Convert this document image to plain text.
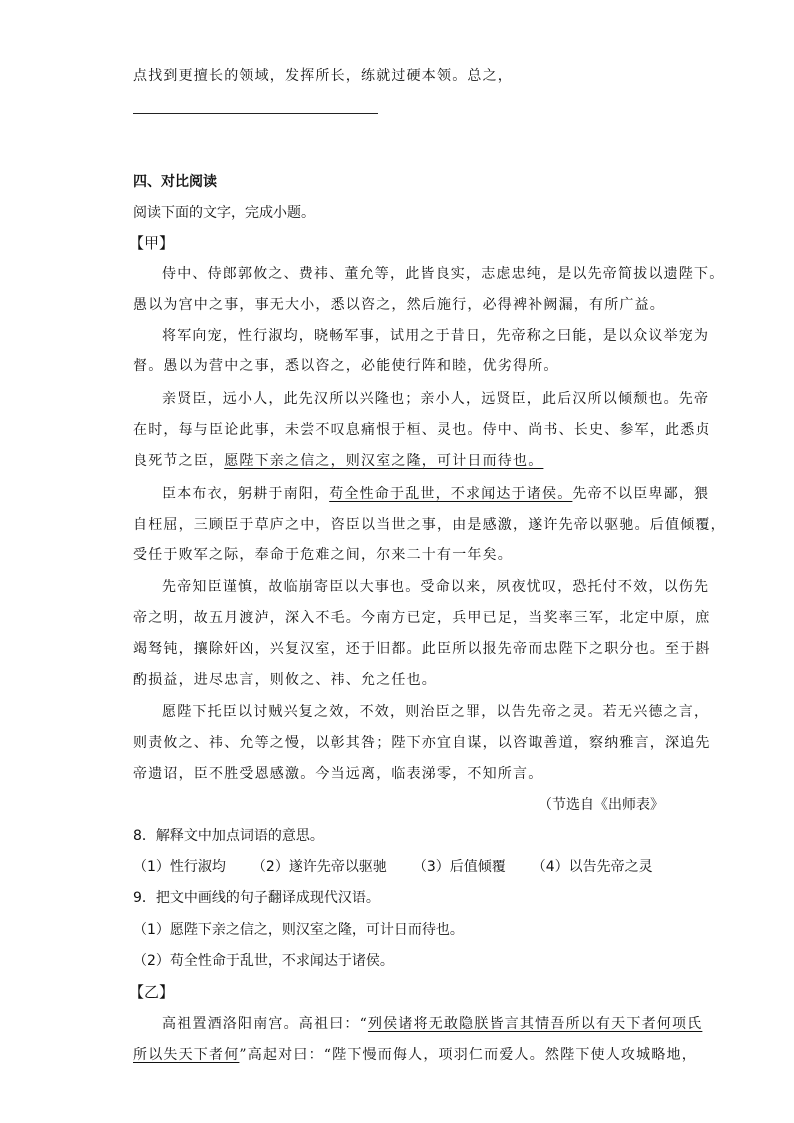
点找到更擅长的领域，发挥所长，练就过硬本领。总之，
四、对比阅读
阅读下面的文字，完成小题。
【甲】
侍中、侍郎郭攸之、费祎、董允等，此皆良实，志虑忠纯，是以先帝简拔以遗陛下。
愚以为宫中之事，事无大小，悉以咨之，然后施行，必得裨补阙漏，有所广益。
将军向宠，性行淑均，晓畅军事，试用之于昔日，先帝称之曰能，是以众议举宠为
督。愚以为营中之事，悉以咨之，必能使行阵和睦，优劣得所。
亲贤臣，远小人，此先汉所以兴隆也；亲小人，远贤臣，此后汉所以倾颓也。先帝
在时，每与臣论此事，未尝不叹息痛恨于桓、灵也。侍中、尚书、长史、参军，此悉贞
良死节之臣，愿陛下亲之信之，则汉室之隆，可计日而待也。
臣本布衣，躬耕于南阳，苟全性命于乱世，不求闻达于诸侯。先帝不以臣卑鄙，猥
自枉屈，三顾臣于草庐之中，咨臣以当世之事，由是感激，遂许先帝以驱驰。后值倾覆，
受任于败军之际，奉命于危难之间，尔来二十有一年矣。
先帝知臣谨慎，故临崩寄臣以大事也。受命以来，夙夜忧叹，恐托付不效，以伤先
帝之明，故五月渡泸，深入不毛。今南方已定，兵甲已足，当奖率三军，北定中原，庶
竭驽钝，攘除奸凶，兴复汉室，还于旧都。此臣所以报先帝而忠陛下之职分也。至于斟
酌损益，进尽忠言，则攸之、祎、允之任也。
愿陛下托臣以讨贼兴复之效，不效，则治臣之罪，以告先帝之灵。若无兴德之言，
则责攸之、祎、允等之慢，以彰其咎；陛下亦宜自谋，以咨诹善道，察纳雅言，深追先
帝遗诏，臣不胜受恩感激。今当远离，临表涕零，不知所言。
（节选自《出师表》
8．解释文中加点词语的意思。
（1）性行淑均 （2）遂许先帝以驱驰 （3）后值倾覆 （4）以告先帝之灵
9．把文中画线的句子翻译成现代汉语。
（1）愿陛下亲之信之，则汉室之隆，可计日而待也。
（2）苟全性命于乱世，不求闻达于诸侯。
【乙】
高祖置酒洛阳南宫。高祖曰：“列侯诸将无敢隐朕皆言其情吾所以有天下者何项氏
所以失天下者何”高起对曰：“陛下慢而侮人，项羽仁而爱人。然陛下使人攻城略地，
